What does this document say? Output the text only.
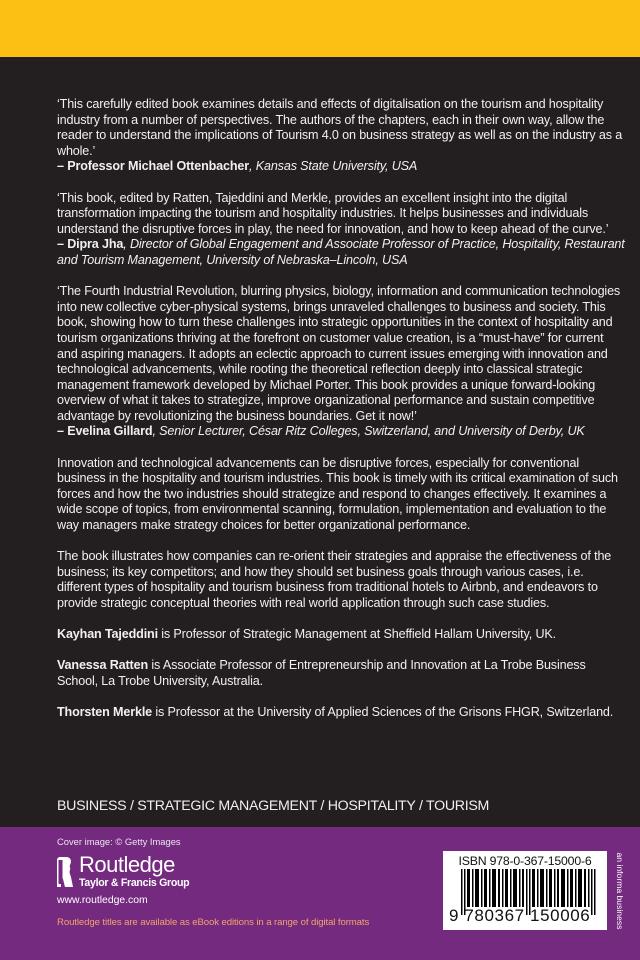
‘This carefully edited book examines details and effects of digitalisation on the tourism and hospitality industry from a number of perspectives. The authors of the chapters, each in their own way, allow the reader to understand the implications of Tourism 4.0 on business strategy as well as on the industry as a whole.’
– Professor Michael Ottenbacher, Kansas State University, USA

‘This book, edited by Ratten, Tajeddini and Merkle, provides an excellent insight into the digital transformation impacting the tourism and hospitality industries. It helps businesses and individuals understand the disruptive forces in play, the need for innovation, and how to keep ahead of the curve.’
– Dipra Jha, Director of Global Engagement and Associate Professor of Practice, Hospitality, Restaurant and Tourism Management, University of Nebraska–Lincoln, USA

‘The Fourth Industrial Revolution, blurring physics, biology, information and communication technologies into new collective cyber-physical systems, brings unraveled challenges to business and society. This book, showing how to turn these challenges into strategic opportunities in the context of hospitality and tourism organizations thriving at the forefront on customer value creation, is a “must-have” for current and aspiring managers. It adopts an eclectic approach to current issues emerging with innovation and technological advancements, while rooting the theoretical reflection deeply into classical strategic management framework developed by Michael Porter. This book provides a unique forward-looking overview of what it takes to strategize, improve organizational performance and sustain competitive advantage by revolutionizing the business boundaries. Get it now!’
– Evelina Gillard, Senior Lecturer, César Ritz Colleges, Switzerland, and University of Derby, UK

Innovation and technological advancements can be disruptive forces, especially for conventional business in the hospitality and tourism industries. This book is timely with its critical examination of such forces and how the two industries should strategize and respond to changes effectively. It examines a wide scope of topics, from environmental scanning, formulation, implementation and evaluation to the way managers make strategy choices for better organizational performance.

The book illustrates how companies can re-orient their strategies and appraise the effectiveness of the business; its key competitors; and how they should set business goals through various cases, i.e. different types of hospitality and tourism business from traditional hotels to Airbnb, and endeavors to provide strategic conceptual theories with real world application through such case studies.

Kayhan Tajeddini is Professor of Strategic Management at Sheffield Hallam University, UK.

Vanessa Ratten is Associate Professor of Entrepreneurship and Innovation at La Trobe Business School, La Trobe University, Australia.

Thorsten Merkle is Professor at the University of Applied Sciences of the Grisons FHGR, Switzerland.

BUSINESS / STRATEGIC MANAGEMENT / HOSPITALITY / TOURISM
Cover image: © Getty Images
Routledge
Taylor & Francis Group
www.routledge.com
Routledge titles are available as eBook editions in a range of digital formats
ISBN 978-0-367-15000-6
9 780367 150006	an informa business
